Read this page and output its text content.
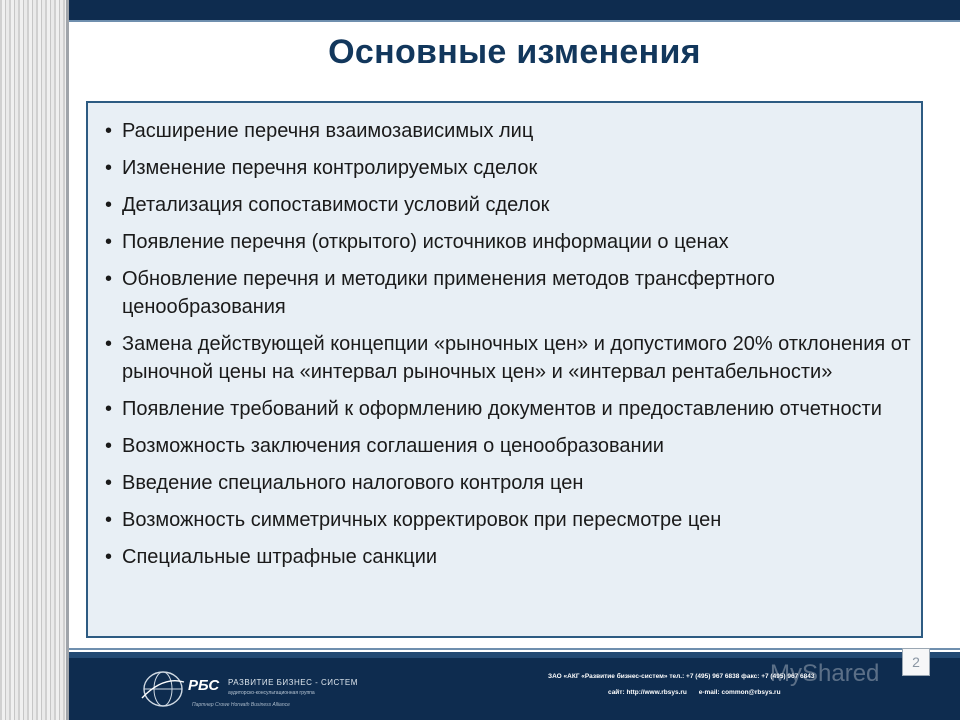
Основные изменения
• Расширение перечня взаимозависимых лиц
• Изменение перечня контролируемых сделок
• Детализация сопоставимости условий сделок
• Появление перечня (открытого) источников информации о ценах
• Обновление перечня и методики применения методов трансфертного ценообразования
• Замена действующей концепции «рыночных цен» и допустимого 20% отклонения от рыночной цены на «интервал рыночных цен» и «интервал рентабельности»
• Появление требований к оформлению документов и предоставлению отчетности
• Возможность заключения соглашения о ценообразовании
• Введение специального налогового контроля цен
• Возможность симметричных корректировок при пересмотре цен
• Специальные штрафные санкции
РБС РАЗВИТИЕ БИЗНЕС - СИСТЕМ
аудиторско-консультационная группа
Партнер Crowe Horwath Business Alliance
ЗАО «АКГ «Развитие бизнес-систем» тел.: +7 (495) 967 6838 факс: +7 (495) 967 6843
сайт: http://www.rbsys.ru e-mail: common@rbsys.ru
MyShared	2
